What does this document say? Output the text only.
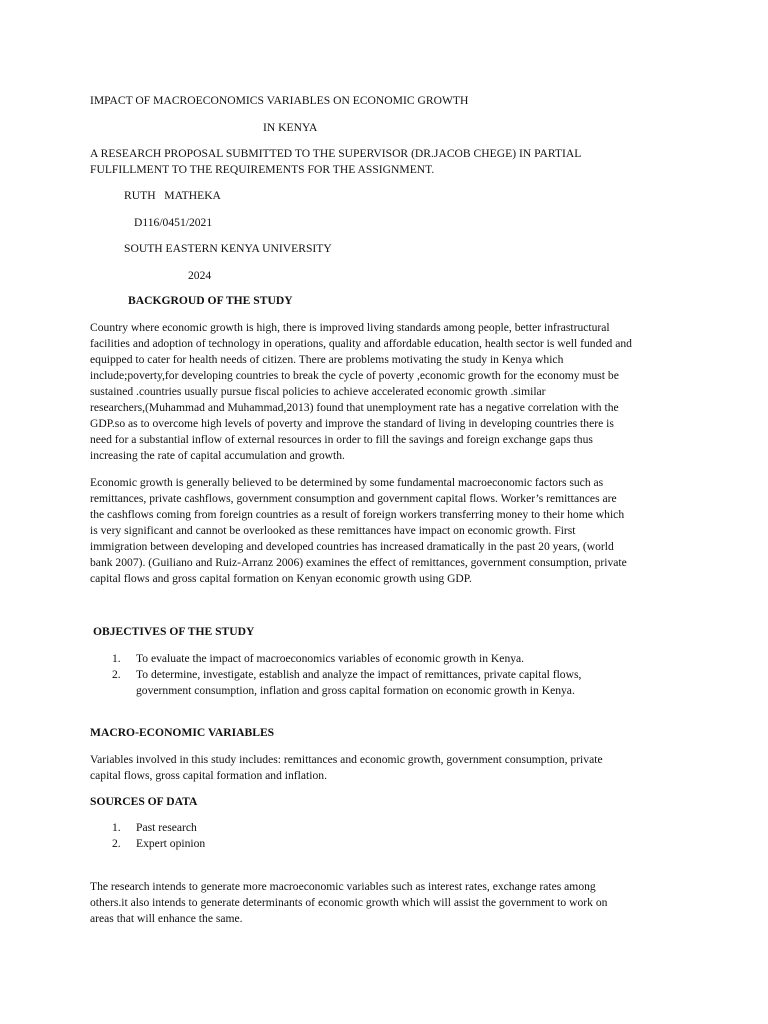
IMPACT OF MACROECONOMICS VARIABLES ON ECONOMIC GROWTH

IN KENYA

A RESEARCH PROPOSAL SUBMITTED TO THE SUPERVISOR (DR.JACOB CHEGE) IN PARTIAL

FULFILLMENT TO THE REQUIREMENTS FOR THE ASSIGNMENT.

RUTH   MATHEKA

D116/0451/2021

SOUTH EASTERN KENYA UNIVERSITY

2024

BACKGROUD OF THE STUDY

Country where economic growth is high, there is improved living standards among people, better infrastructural
facilities and adoption of technology in operations, quality and affordable education, health sector is well funded and
equipped to cater for health needs of citizen. There are problems motivating the study in Kenya which
include;poverty,for developing countries to break the cycle of poverty ,economic growth for the economy must be
sustained .countries usually pursue fiscal policies to achieve accelerated economic growth .similar
researchers,(Muhammad and Muhammad,2013) found that unemployment rate has a negative correlation with the
GDP.so as to overcome high levels of poverty and improve the standard of living in developing countries there is
need for a substantial inflow of external resources in order to fill the savings and foreign exchange gaps thus
increasing the rate of capital accumulation and growth.
Economic growth is generally believed to be determined by some fundamental macroeconomic factors such as
remittances, private cashflows, government consumption and government capital flows. Worker’s remittances are
the cashflows coming from foreign countries as a result of foreign workers transferring money to their home which
is very significant and cannot be overlooked as these remittances have impact on economic growth. First
immigration between developing and developed countries has increased dramatically in the past 20 years, (world
bank 2007). (Guiliano and Ruiz-Arranz 2006) examines the effect of remittances, government consumption, private
capital flows and gross capital formation on Kenyan economic growth using GDP.

OBJECTIVES OF THE STUDY

1. To evaluate the impact of macroeconomics variables of economic growth in Kenya.
2. To determine, investigate, establish and analyze the impact of remittances, private capital flows,
government consumption, inflation and gross capital formation on economic growth in Kenya.

MACRO-ECONOMIC VARIABLES

Variables involved in this study includes: remittances and economic growth, government consumption, private
capital flows, gross capital formation and inflation.

SOURCES OF DATA

1. Past research
2. Expert opinion
The research intends to generate more macroeconomic variables such as interest rates, exchange rates among
others.it also intends to generate determinants of economic growth which will assist the government to work on
areas that will enhance the same.
